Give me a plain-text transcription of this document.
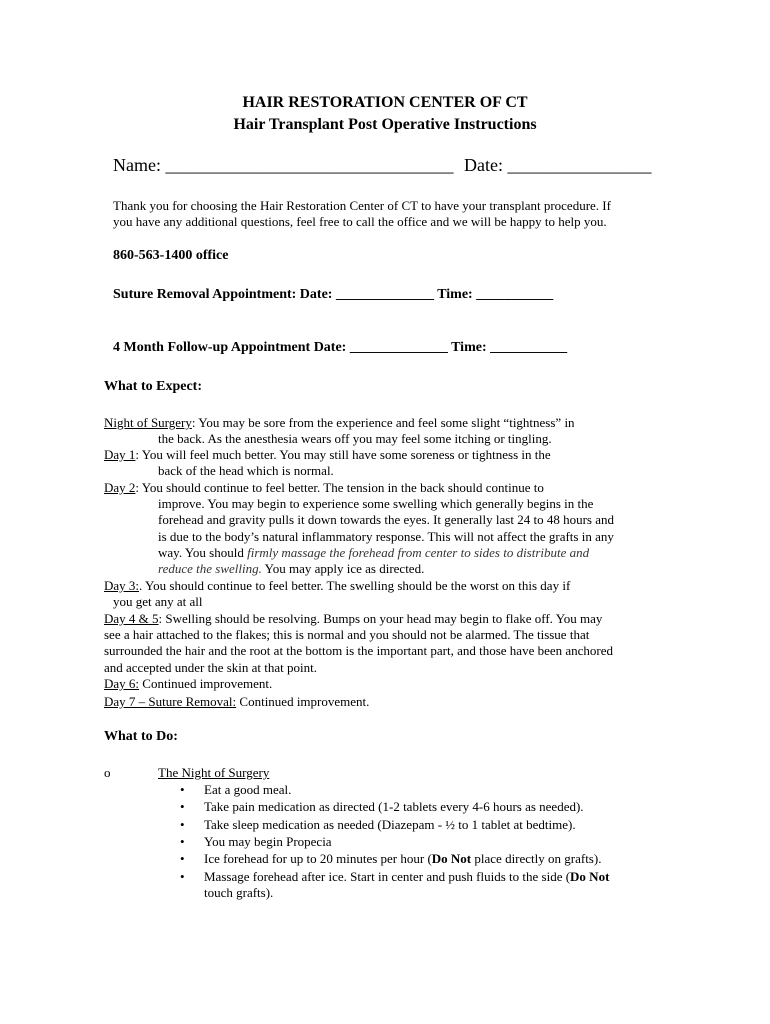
HAIR RESTORATION CENTER OF CT
Hair Transplant Post Operative Instructions
Name: ________________________________ Date: ________________
Thank you for choosing the Hair Restoration Center of CT to have your transplant procedure. If
you have any additional questions, feel free to call the office and we will be happy to help you.
860-563-1400 office
Suture Removal Appointment: Date: ______________ Time: ___________
4 Month Follow-up Appointment Date: ______________ Time: ___________
What to Expect:
Night of Surgery: You may be sore from the experience and feel some slight “tightness” in
the back. As the anesthesia wears off you may feel some itching or tingling.
Day 1: You will feel much better. You may still have some soreness or tightness in the
back of the head which is normal.
Day 2: You should continue to feel better. The tension in the back should continue to
improve. You may begin to experience some swelling which generally begins in the
forehead and gravity pulls it down towards the eyes. It generally last 24 to 48 hours and
is due to the body’s natural inflammatory response. This will not affect the grafts in any
way. You should firmly massage the forehead from center to sides to distribute and
reduce the swelling. You may apply ice as directed.
Day 3:. You should continue to feel better. The swelling should be the worst on this day if
you get any at all
Day 4 & 5: Swelling should be resolving. Bumps on your head may begin to flake off. You may
see a hair attached to the flakes; this is normal and you should not be alarmed. The tissue that
surrounded the hair and the root at the bottom is the important part, and those have been anchored
and accepted under the skin at that point.
Day 6: Continued improvement.
Day 7 – Suture Removal: Continued improvement.
What to Do:
o	The Night of Surgery
• Eat a good meal.
• Take pain medication as directed (1-2 tablets every 4-6 hours as needed).
• Take sleep medication as needed (Diazepam - ½ to 1 tablet at bedtime).
• You may begin Propecia
• Ice forehead for up to 20 minutes per hour (Do Not place directly on grafts).
• Massage forehead after ice. Start in center and push fluids to the side (Do Not
touch grafts).
